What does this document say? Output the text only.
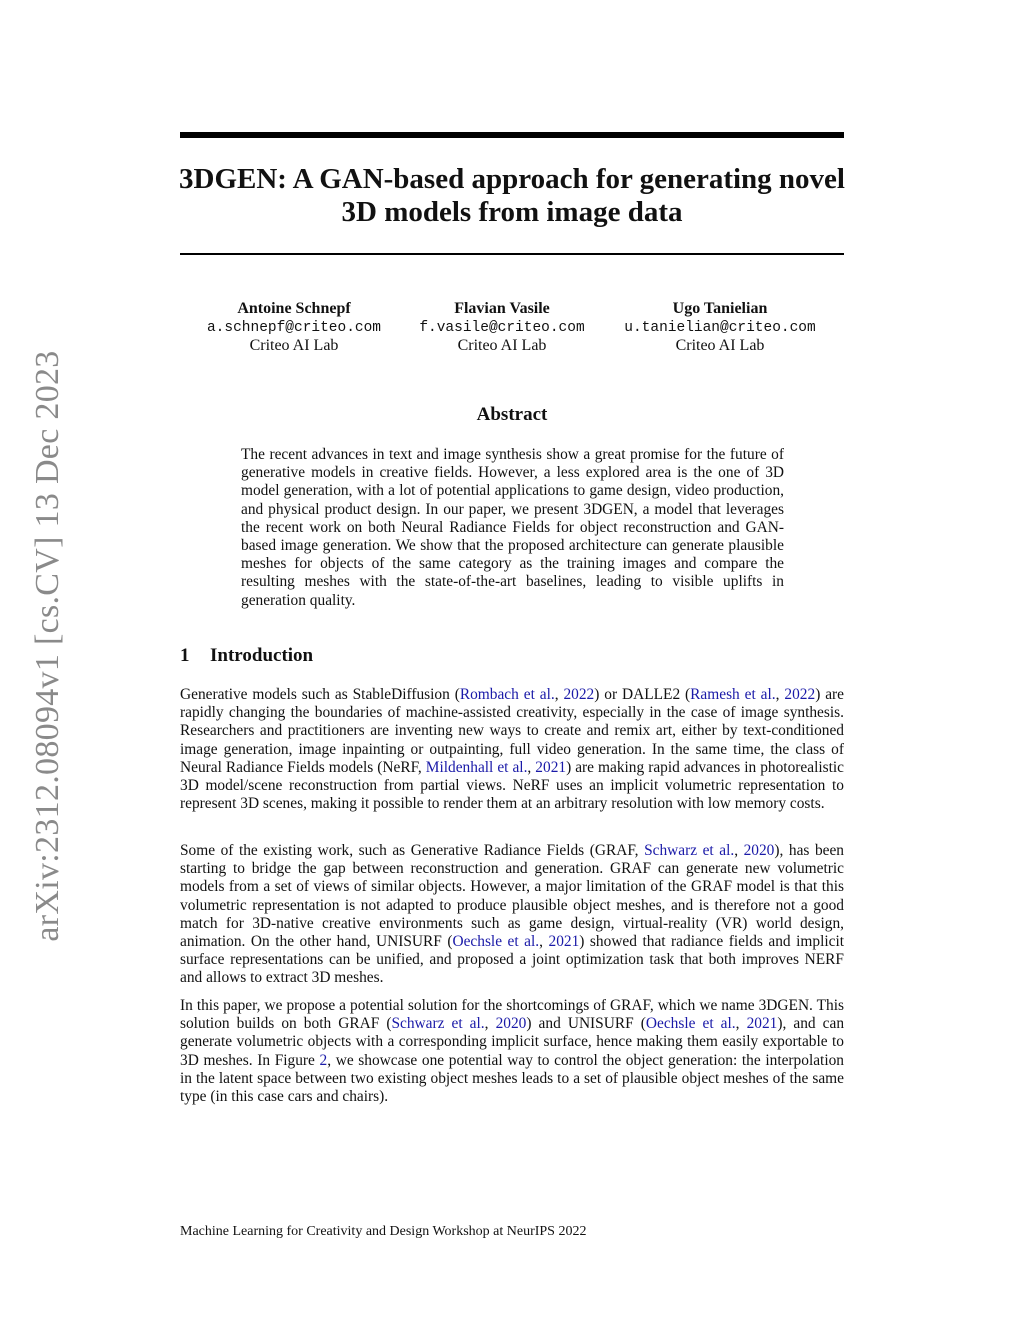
arXiv:2312.08094v1 [cs.CV] 13 Dec 2023
3DGEN: A GAN-based approach for generating novel
3D models from image data
Antoine Schnepf
a.schnepf@criteo.com
Criteo AI Lab
Flavian Vasile
f.vasile@criteo.com
Criteo AI Lab
Ugo Tanielian
u.tanielian@criteo.com
Criteo AI Lab
Abstract

The recent advances in text and image synthesis show a great promise for the future of generative models in creative fields. However, a less explored area is the one of 3D model generation, with a lot of potential applications to game design, video production, and physical product design. In our paper, we present 3DGEN, a model that leverages the recent work on both Neural Radiance Fields for object reconstruction and GAN-based image generation. We show that the proposed architecture can generate plausible meshes for objects of the same category as the training images and compare the resulting meshes with the state-of-the-art baselines, leading to visible uplifts in generation quality.

1 Introduction

Generative models such as StableDiffusion (Rombach et al., 2022) or DALLE2 (Ramesh et al., 2022) are rapidly changing the boundaries of machine-assisted creativity, especially in the case of image synthesis. Researchers and practitioners are inventing new ways to create and remix art, either by text-conditioned image generation, image inpainting or outpainting, full video generation. In the same time, the class of Neural Radiance Fields models (NeRF, Mildenhall et al., 2021) are making rapid advances in photorealistic 3D model/scene reconstruction from partial views. NeRF uses an implicit volumetric representation to represent 3D scenes, making it possible to render them at an arbitrary resolution with low memory costs.

Some of the existing work, such as Generative Radiance Fields (GRAF, Schwarz et al., 2020), has been starting to bridge the gap between reconstruction and generation. GRAF can generate new volumetric models from a set of views of similar objects. However, a major limitation of the GRAF model is that this volumetric representation is not adapted to produce plausible object meshes, and is therefore not a good match for 3D-native creative environments such as game design, virtual-reality (VR) world design, animation. On the other hand, UNISURF (Oechsle et al., 2021) showed that radiance fields and implicit surface representations can be unified, and proposed a joint optimization task that both improves NERF and allows to extract 3D meshes.

In this paper, we propose a potential solution for the shortcomings of GRAF, which we name 3DGEN. This solution builds on both GRAF (Schwarz et al., 2020) and UNISURF (Oechsle et al., 2021), and can generate volumetric objects with a corresponding implicit surface, hence making them easily exportable to 3D meshes. In Figure 2, we showcase one potential way to control the object generation: the interpolation in the latent space between two existing object meshes leads to a set of plausible object meshes of the same type (in this case cars and chairs).

Machine Learning for Creativity and Design Workshop at NeurIPS 2022
